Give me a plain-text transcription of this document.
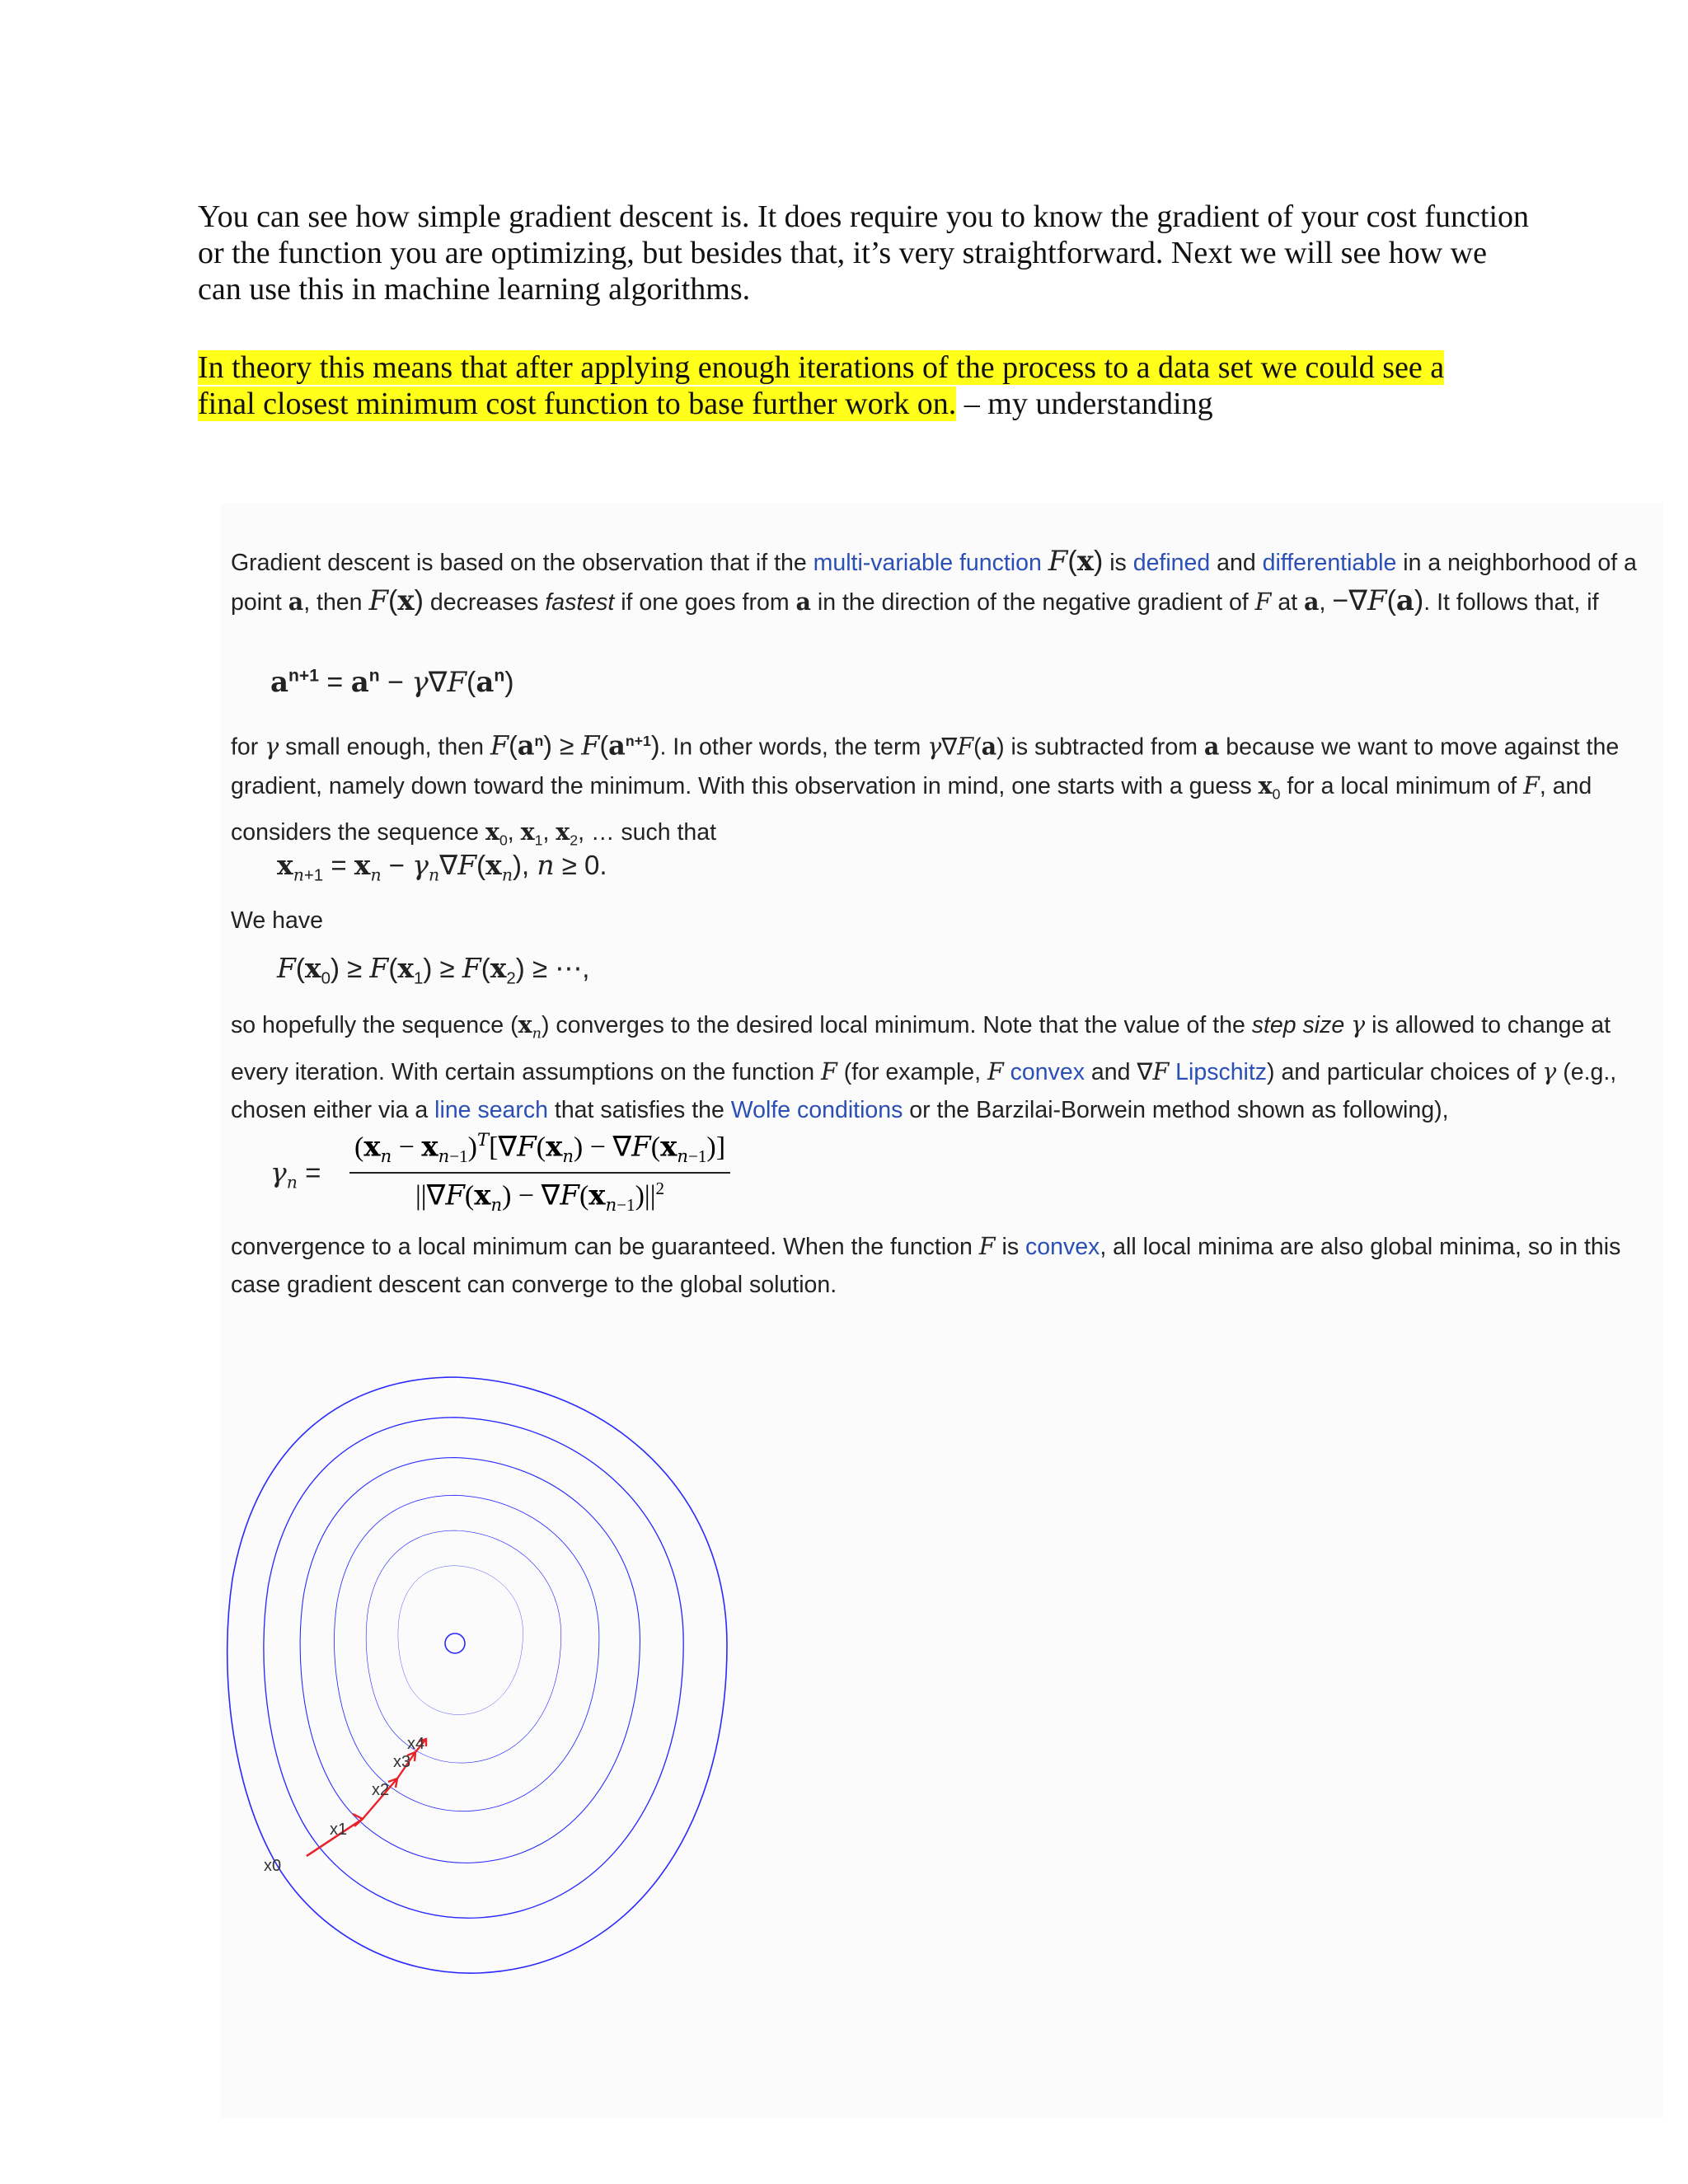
You can see how simple gradient descent is. It does require you to know the gradient of your cost function or the function you are optimizing, but besides that, it’s very straightforward. Next we will see how we can use this in machine learning algorithms.
In theory this means that after applying enough iterations of the process to a data set we could see a
final closest minimum cost function to base further work on. – my understanding

Gradient descent is based on the observation that if the multi-variable function F(x) is defined and differentiable in a neighborhood of a point a, then F(x) decreases fastest if one goes from a in the direction of the negative gradient of F at a, −∇F(a). It follows that, if

$a^{n+1} = a^n - \gamma\nabla F(a^n)$

for γ small enough, then $F(a^n) \ge F(a^{n+1})$. In other words, the term γ∇F(a) is subtracted from a because we want to move against the gradient, namely down toward the minimum. With this observation in mind, one starts with a guess $x_0$ for a local minimum of F, and considers the sequence $x_0$, $x_1$, $x_2$, … such that

$x_{n+1} = x_n - \gamma_n\nabla F(x_n)$, n ≥ 0.

We have

$F(x_0) \ge F(x_1) \ge F(x_2)$ ≥ ⋯,

so hopefully the sequence $(x_n)$ converges to the desired local minimum. Note that the value of the step size γ is allowed to change at every iteration. With certain assumptions on the function F (for example, F convex and ∇F Lipschitz) and particular choices of γ (e.g., chosen either via a line search that satisfies the Wolfe conditions or the Barzilai-Borwein method shown as following),

$\gamma_n$ =

convergence to a local minimum can be guaranteed. When the function F is convex, all local minima are also global minima, so in this case gradient descent can converge to the global solution.

x0
x1
x2
x3
x4
$\frac{(x_n - x_{n-1})^T[\nabla F(x_n) - \nabla F(x_{n-1})]}{||\nabla F(x_n) - \nabla F(x_{n-1})||^2}$
